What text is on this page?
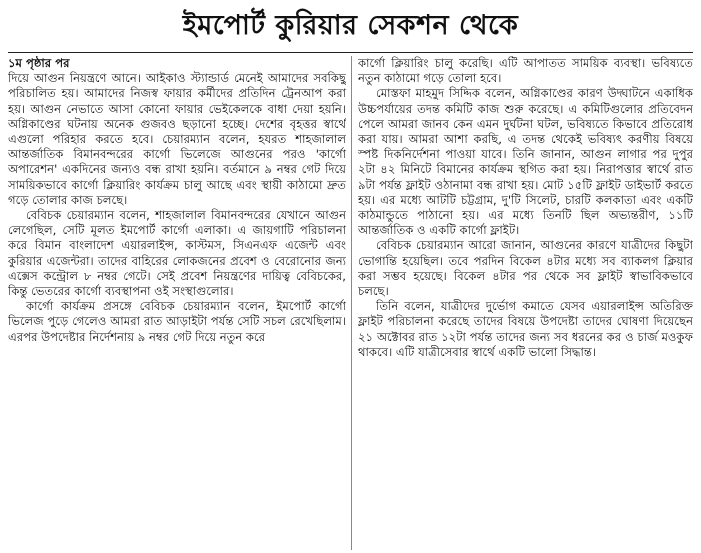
ইমপোর্ট কুরিয়ার সেকশন থেকে

১ম পৃষ্ঠার পর

দিয়ে আগুন নিয়ন্ত্রণে আনে। আইকাও স্ট্যান্ডার্ড মেনেই আমাদের সবকিছু পরিচালিত হয়। আমাদের নিজস্ব ফায়ার কর্মীদের প্রতিদিন ট্রেনআপ করা হয়। আগুন নেভাতে আসা কোনো ফায়ার ভেইকেলকে বাধা দেয়া হয়নি। অগ্নিকাণ্ডের ঘটনায় অনেক গুজবও ছড়ানো হচ্ছে। দেশের বৃহত্তর স্বার্থে এগুলো পরিহার করতে হবে। চেয়ারম্যান বলেন, হযরত শাহজালাল আন্তর্জাতিক বিমানবন্দরের কার্গো ভিলেজে আগুনের পরও 'কার্গো অপারেশন' একদিনের জন্যও বন্ধ রাখা হয়নি। বর্তমানে ৯ নম্বর গেট দিয়ে সাময়িকভাবে কার্গো ক্লিয়ারিং কার্যক্রম চালু আছে এবং স্থায়ী কাঠামো দ্রুত গড়ে তোলার কাজ চলছে।

বেবিচক চেয়ারম্যান বলেন, শাহজালাল বিমানবন্দরের যেখানে আগুন লেগেছিল, সেটি মূলত ইমপোর্ট কার্গো এলাকা। এ জায়গাটি পরিচালনা করে বিমান বাংলাদেশ এয়ারলাইন্স, কাস্টমস, সিএনএফ এজেন্ট এবং কুরিয়ার এজেন্টরা। তাদের বাহিরের লোকজনের প্রবেশ ও বেরোনোর জন্য এক্সেস কন্ট্রোল ৮ নম্বর গেটে। সেই প্রবেশ নিয়ন্ত্রণের দায়িত্ব বেবিচকের, কিন্তু ভেতরের কার্গো ব্যবস্থাপনা ওই সংস্থাগুলোর।

কার্গো কার্যক্রম প্রসঙ্গে বেবিচক চেয়ারম্যান বলেন, ইমপোর্ট কার্গো ভিলেজ পুড়ে গেলেও আমরা রাত আড়াইটা পর্যন্ত সেটি সচল রেখেছিলাম। এরপর উপদেষ্টার নির্দেশনায় ৯ নম্বর গেট দিয়ে নতুন করে

কার্গো ক্লিয়ারিং চালু করেছি। এটি আপাতত সাময়িক ব্যবস্থা। ভবিষ্যতে নতুন কাঠামো গড়ে তোলা হবে।

মোস্তফা মাহমুদ সিদ্দিক বলেন, অগ্নিকাণ্ডের কারণ উদ্ঘাটনে একাধিক উচ্চপর্যায়ের তদন্ত কমিটি কাজ শুরু করেছে। এ কমিটিগুলোর প্রতিবেদন পেলে আমরা জানব কেন এমন দুর্ঘটনা ঘটল, ভবিষ্যতে কিভাবে প্রতিরোধ করা যায়। আমরা আশা করছি, এ তদন্ত থেকেই ভবিষ্যৎ করণীয় বিষয়ে স্পষ্ট দিকনির্দেশনা পাওয়া যাবে। তিনি জানান, আগুন লাগার পর দুপুর ২টা ৪২ মিনিটে বিমানের কার্যক্রম স্থগিত করা হয়। নিরাপত্তার স্বার্থে রাত ৯টা পর্যন্ত ফ্লাইট ওঠানামা বন্ধ রাখা হয়। মোট ১৫টি ফ্লাইট ডাইভার্ট করতে হয়। এর মধ্যে আটটি চট্টগ্রাম, দু'টি সিলেট, চারটি কলকাতা এবং একটি কাঠমান্ডুতে পাঠানো হয়। এর মধ্যে তিনটি ছিল অভ্যন্তরীণ, ১১টি আন্তর্জাতিক ও একটি কার্গো ফ্লাইট।

বেবিচক চেয়ারম্যান আরো জানান, আগুনের কারণে যাত্রীদের কিছুটা ভোগান্তি হয়েছিল। তবে পরদিন বিকেল ৪টার মধ্যে সব ব্যাকলগ ক্লিয়ার করা সম্ভব হয়েছে। বিকেল ৪টার পর থেকে সব ফ্লাইট স্বাভাবিকভাবে চলছে।

তিনি বলেন, যাত্রীদের দুর্ভোগ কমাতে যেসব এয়ারলাইন্স অতিরিক্ত ফ্লাইট পরিচালনা করেছে তাদের বিষয়ে উপদেষ্টা তাদের ঘোষণা দিয়েছেন ২১ অক্টোবর রাত ১২টা পর্যন্ত তাদের জন্য সব ধরনের কর ও চার্জ মওকুফ থাকবে। এটি যাত্রীসেবার স্বার্থে একটি ভালো সিদ্ধান্ত।
